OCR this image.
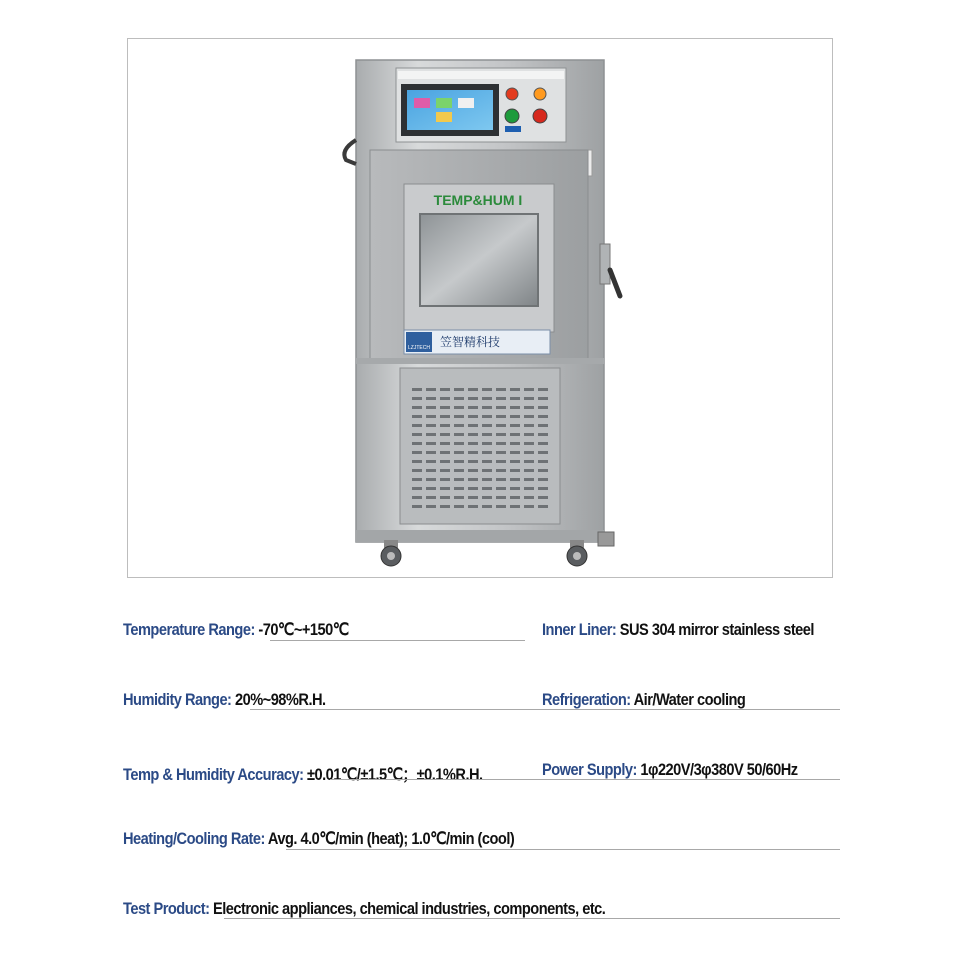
TEMP&HUM I
LZJTECH 笠智精科技
Temperature Range: -70℃~+150℃	Inner Liner: SUS 304 mirror stainless steel
Humidity Range: 20%~98%R.H.	Refrigeration: Air/Water cooling
Temp & Humidity Accuracy: ±0.01℃/±1.5℃；±0.1%R.H.	Power Supply: 1φ220V/3φ380V 50/60Hz
Heating/Cooling Rate: Avg. 4.0℃/min (heat); 1.0℃/min (cool)
Test Product: Electronic appliances, chemical industries, components, etc.
